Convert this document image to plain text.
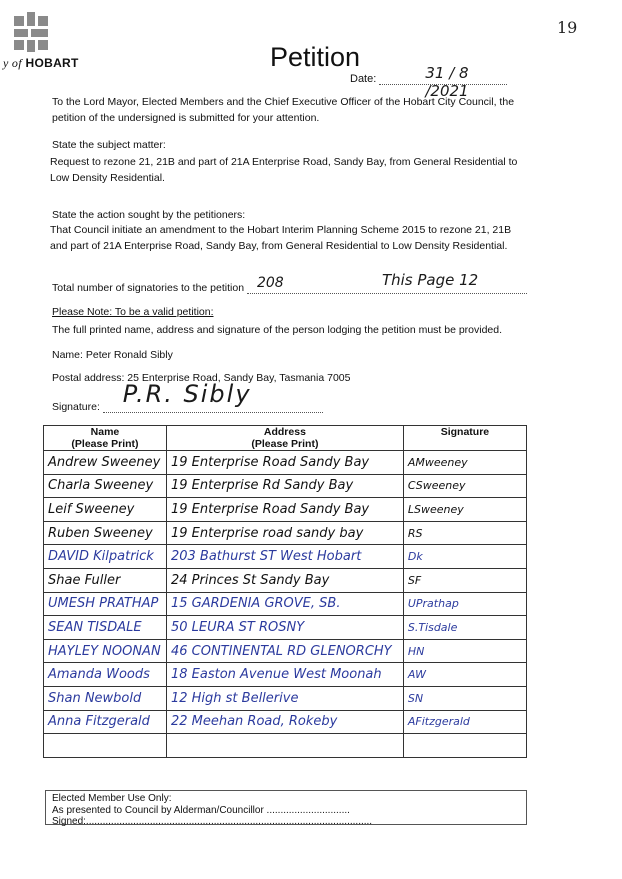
y of HOBART
19
Petition
Date:	31 / 8 /2021
To the Lord Mayor, Elected Members and the Chief Executive Officer of the Hobart City Council, the petition of the undersigned is submitted for your attention.
State the subject matter:
Request to rezone 21, 21B and part of 21A Enterprise Road, Sandy Bay, from General Residential to Low Density Residential.
State the action sought by the petitioners:
That Council initiate an amendment to the Hobart Interim Planning Scheme 2015 to rezone 21, 21B and part of 21A Enterprise Road, Sandy Bay, from General Residential to Low Density Residential.
Total number of signatories to the petition 208	This Page 12
Please Note: To be a valid petition:
The full printed name, address and signature of the person lodging the petition must be provided.
Name: Peter Ronald Sibly
Postal address: 25 Enterprise Road, Sandy Bay, Tasmania 7005
Signature: P.R. Sibly
Name
(Please Print)	Address
(Please Print)	Signature
Andrew Sweeney	19 Enterprise Road Sandy Bay	AMweeney
Charla Sweeney	19 Enterprise Rd Sandy Bay	CSweeney
Leif Sweeney	19 Enterprise Road Sandy Bay	LSweeney
Ruben Sweeney	19 Enterprise road sandy bay	RS
DAVID Kilpatrick	203 Bathurst ST West Hobart	Dk
Shae Fuller	24 Princes St Sandy Bay	SF
UMESH PRATHAP	15 GARDENIA GROVE, SB.	UPrathap
SEAN TISDALE	50 LEURA ST ROSNY	S.Tisdale
HAYLEY NOONAN	46 CONTINENTAL RD GLENORCHY	HN
Amanda Woods	18 Easton Avenue West Moonah	AW
Shan Newbold	12 High st Bellerive	SN
Anna Fitzgerald	22 Meehan Road, Rokeby	AFitzgerald

Elected Member Use Only:
As presented to Council by Alderman/Councillor ..............................
Signed:.......................................................................................................
